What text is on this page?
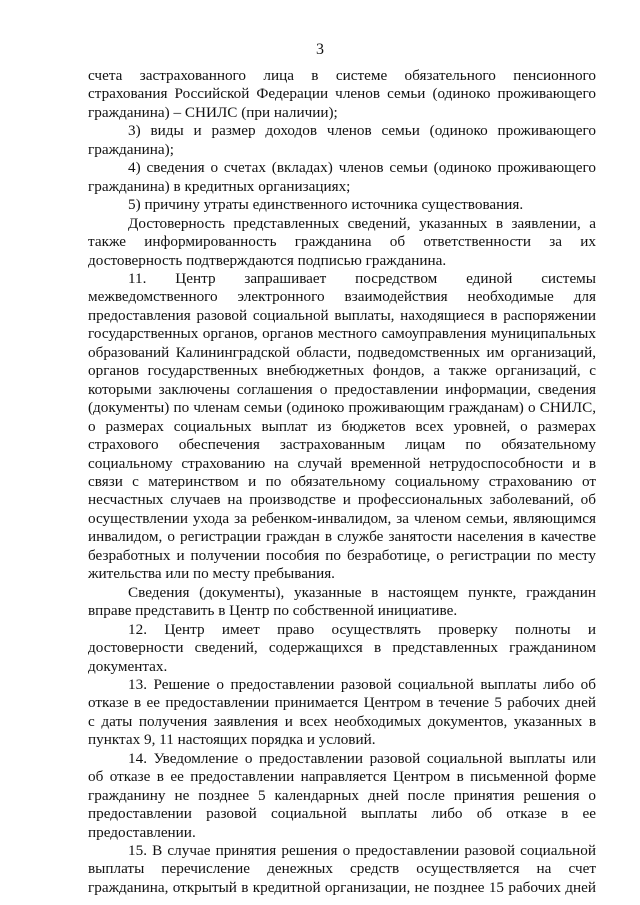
3
счета застрахованного лица в системе обязательного пенсионного
страхования Российской Федерации членов семьи (одиноко проживающего
гражданина) – СНИЛС (при наличии);
3) виды и размер доходов членов семьи (одиноко проживающего
гражданина);
4) сведения о счетах (вкладах) членов семьи (одиноко проживающего
гражданина) в кредитных организациях;
5) причину утраты единственного источника существования.
Достоверность представленных сведений, указанных в заявлении, а
также информированность гражданина об ответственности за их
достоверность подтверждаются подписью гражданина.
11. Центр запрашивает посредством единой системы
межведомственного электронного взаимодействия необходимые для
предоставления разовой социальной выплаты, находящиеся в распоряжении
государственных органов, органов местного самоуправления муниципальных
образований Калининградской области, подведомственных им организаций,
органов государственных внебюджетных фондов, а также организаций, с
которыми заключены соглашения о предоставлении информации, сведения
(документы) по членам семьи (одиноко проживающим гражданам) о СНИЛС,
о размерах социальных выплат из бюджетов всех уровней, о размерах
страхового обеспечения застрахованным лицам по обязательному
социальному страхованию на случай временной нетрудоспособности и в
связи с материнством и по обязательному социальному страхованию от
несчастных случаев на производстве и профессиональных заболеваний, об
осуществлении ухода за ребенком-инвалидом, за членом семьи, являющимся
инвалидом, о регистрации граждан в службе занятости населения в качестве
безработных и получении пособия по безработице, о регистрации по месту
жительства или по месту пребывания.
Сведения (документы), указанные в настоящем пункте, гражданин
вправе представить в Центр по собственной инициативе.
12. Центр имеет право осуществлять проверку полноты и
достоверности сведений, содержащихся в представленных гражданином
документах.
13. Решение о предоставлении разовой социальной выплаты либо об
отказе в ее предоставлении принимается Центром в течение 5 рабочих дней
с даты получения заявления и всех необходимых документов, указанных в
пунктах 9, 11 настоящих порядка и условий.
14. Уведомление о предоставлении разовой социальной выплаты или
об отказе в ее предоставлении направляется Центром в письменной форме
гражданину не позднее 5 календарных дней после принятия решения о
предоставлении разовой социальной выплаты либо об отказе в ее
предоставлении.
15. В случае принятия решения о предоставлении разовой социальной
выплаты перечисление денежных средств осуществляется на счет
гражданина, открытый в кредитной организации, не позднее 15 рабочих дней
